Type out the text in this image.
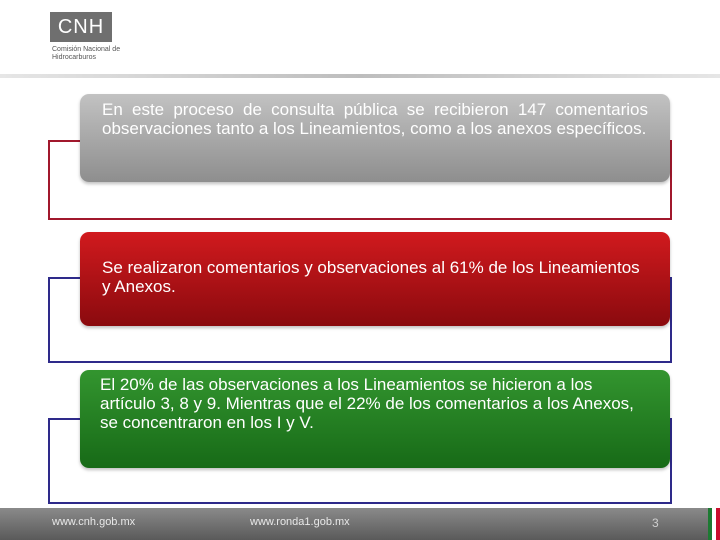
CNH
Comisión Nacional de Hidrocarburos
En este proceso de consulta pública se recibieron 147 comentarios observaciones tanto a los Lineamientos, como a los anexos específicos.
Se realizaron comentarios y observaciones al 61% de los Lineamientos y Anexos.
El 20% de las observaciones a los Lineamientos se hicieron a los artículo 3, 8 y 9. Mientras que el 22% de los comentarios a los Anexos, se concentraron en los I y V.
www.cnh.gob.mx	www.ronda1.gob.mx	3
